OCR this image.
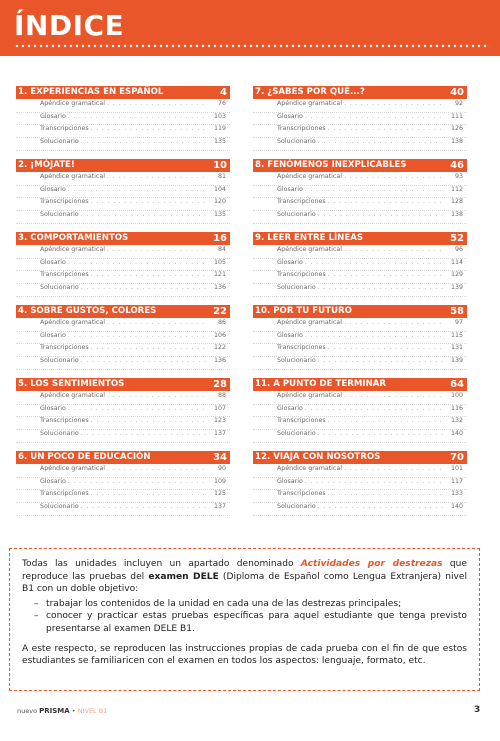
ÍNDICE
1. EXPERIENCIAS EN ESPAÑOL	4
Apéndice gramatical . . .	76
Glosario . . .	103
Transcripciones . . .	119
Solucionario . . .	135
2. ¡MÓJATE!	10
Apéndice gramatical . . .	81
Glosario . . .	104
Transcripciones . . .	120
Solucionario . . .	135
3. COMPORTAMIENTOS	16
Apéndice gramatical . . .	84
Glosario . . .	105
Transcripciones . . .	121
Solucionario . . .	136
4. SOBRE GUSTOS, COLORES	22
Apéndice gramatical . . .	86
Glosario . . .	106
Transcripciones . . .	122
Solucionario . . .	136
5. LOS SENTIMIENTOS	28
Apéndice gramatical . . .	88
Glosario . . .	107
Transcripciones . . .	123
Solucionario . . .	137
6. UN POCO DE EDUCACIÓN	34
Apéndice gramatical . . .	90
Glosario . . .	109
Transcripciones . . .	125
Solucionario . . .	137
7. ¿SABES POR QUÉ...?	40
Apéndice gramatical . . .	92
Glosario . . .	111
Transcripciones . . .	126
Solucionario . . .	138
8. FENÓMENOS INEXPLICABLES	46
Apéndice gramatical . . .	93
Glosario . . .	112
Transcripciones . . .	128
Solucionario . . .	138
9. LEER ENTRE LÍNEAS	52
Apéndice gramatical . . .	96
Glosario . . .	114
Transcripciones . . .	129
Solucionario . . .	139
10. POR TU FUTURO	58
Apéndice gramatical . . .	97
Glosario . . .	115
Transcripciones . . .	131
Solucionario . . .	139
11. A PUNTO DE TERMINAR	64
Apéndice gramatical . . .	100
Glosario . . .	116
Transcripciones . . .	132
Solucionario . . .	140
12. VIAJA CON NOSOTROS	70
Apéndice gramatical . . .	101
Glosario . . .	117
Transcripciones . . .	133
Solucionario . . .	140

Todas las unidades incluyen un apartado denominado Actividades por destrezas que reproduce las pruebas del examen DELE (Diploma de Español como Lengua Extranjera) nivel B1 con un doble objetivo:

– trabajar los contenidos de la unidad en cada una de las destrezas principales;
– conocer y practicar estas pruebas específicas para aquel estudiante que tenga previsto presentarse al examen DELE B1.

A este respecto, se reproducen las instrucciones propias de cada prueba con el fin de que estos estudiantes se familiaricen con el examen en todos los aspectos: lenguaje, formato, etc.

nuevo PRISMA • NIVEL B1	3
